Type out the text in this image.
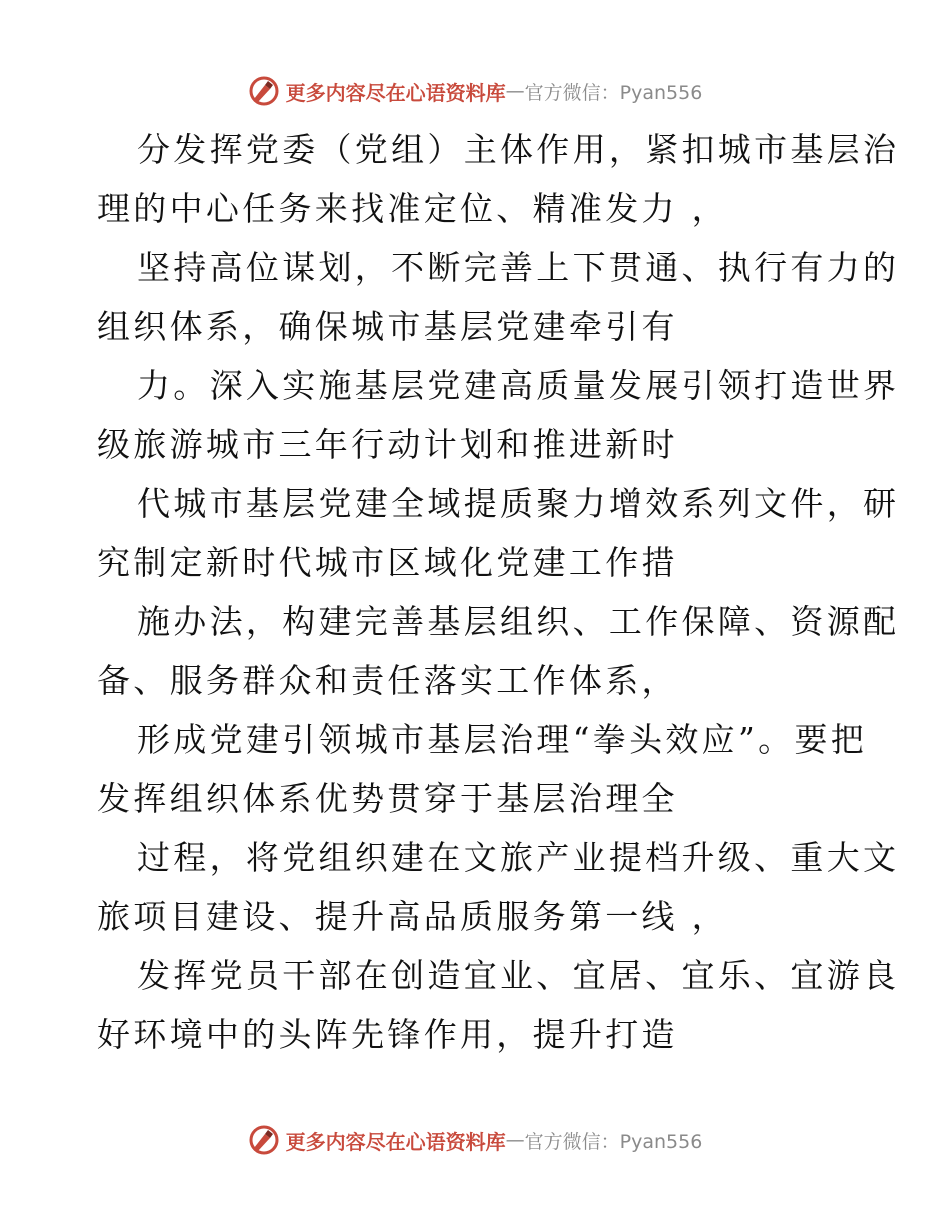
更多内容尽在心语资料库 — 官方微信：Pyan556
分发挥党委（党组）主体作用，紧扣城市基层治
理的中心任务来找准定位、精准发力 ，
坚持高位谋划，不断完善上下贯通、执行有力的
组织体系，确保城市基层党建牵引有
力。深入实施基层党建高质量发展引领打造世界
级旅游城市三年行动计划和推进新时
代城市基层党建全域提质聚力增效系列文件，研
究制定新时代城市区域化党建工作措
施办法，构建完善基层组织、工作保障、资源配
备、服务群众和责任落实工作体系，
形成党建引领城市基层治理“拳头效应”。要把
发挥组织体系优势贯穿于基层治理全
过程，将党组织建在文旅产业提档升级、重大文
旅项目建设、提升高品质服务第一线 ，
发挥党员干部在创造宜业、宜居、宜乐、宜游良
好环境中的头阵先锋作用，提升打造
更多内容尽在心语资料库 — 官方微信：Pyan556
